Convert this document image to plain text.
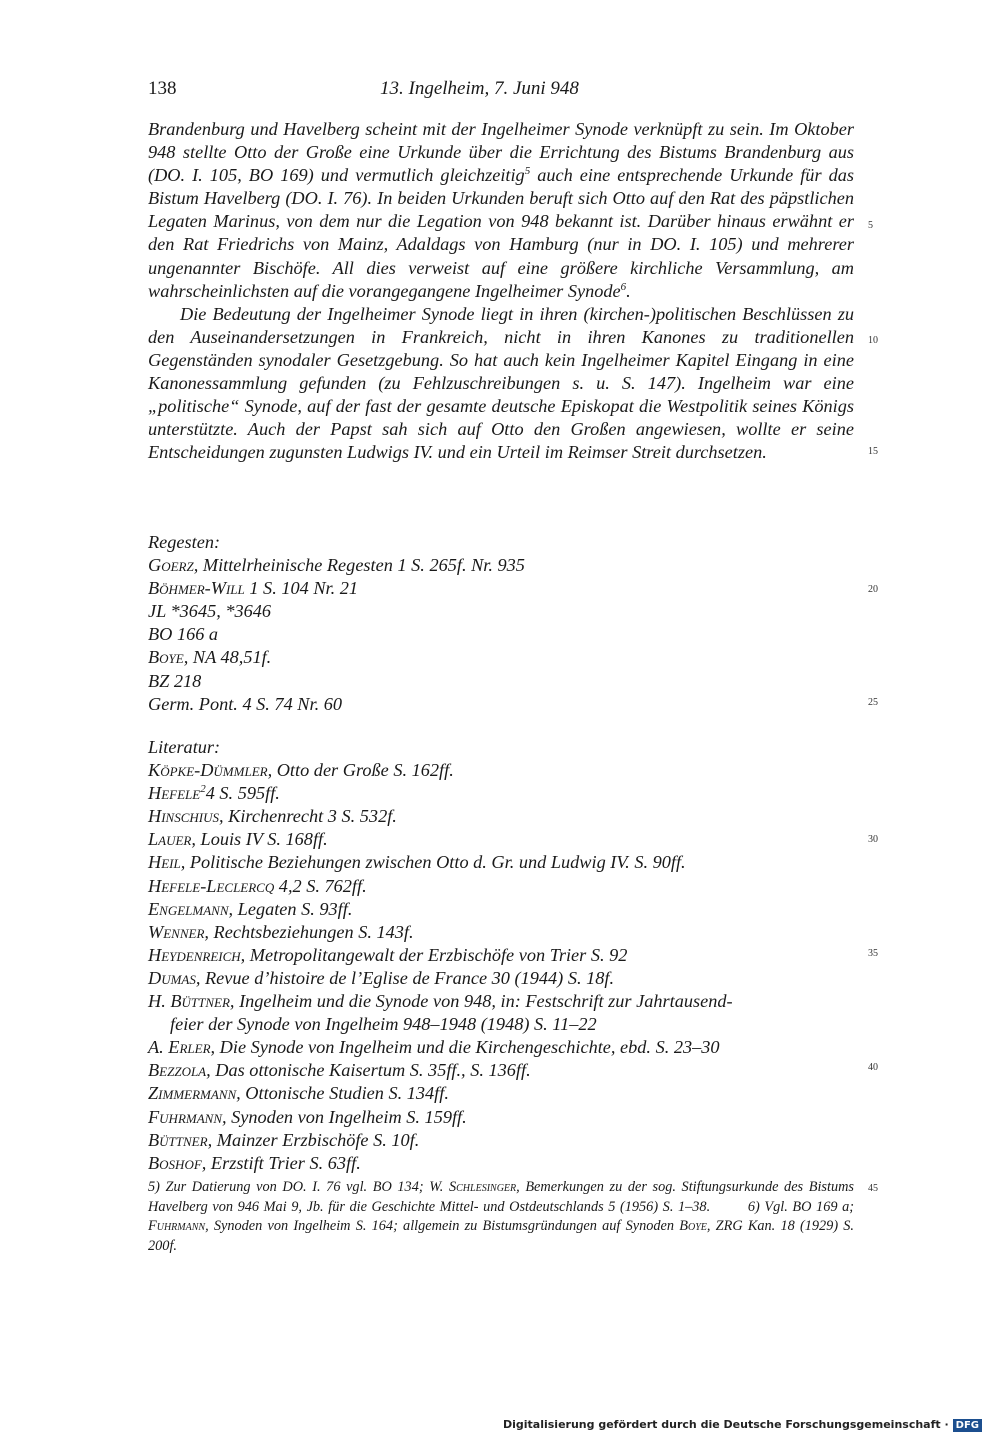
138	13. Ingelheim, 7. Juni 948

Brandenburg und Havelberg scheint mit der Ingelheimer Synode verknüpft zu sein. Im Oktober 948 stellte Otto der Große eine Urkunde über die Errichtung des Bistums Brandenburg aus (DO. I. 105, BO 169) und vermutlich gleichzeitig$^5$ auch eine entsprechende Urkunde für das Bistum Havelberg (DO. I. 76). In beiden Urkunden beruft sich Otto auf den Rat des päpstlichen Legaten Marinus, von dem nur die Legation von 948 bekannt ist. Darüber hinaus erwähnt er den Rat Friedrichs von Mainz, Adaldags von Hamburg (nur in DO. I. 105) und mehrerer ungenannter Bischöfe. All dies verweist auf eine größere kirchliche Versammlung, am wahrscheinlichsten auf die vorangegangene Ingelheimer Synode$^6$.

Die Bedeutung der Ingelheimer Synode liegt in ihren (kirchen-)politischen Beschlüssen zu den Auseinandersetzungen in Frankreich, nicht in ihren Kanones zu traditionellen Gegenständen synodaler Gesetzgebung. So hat auch kein Ingelheimer Kapitel Eingang in eine Kanonessammlung gefunden (zu Fehlzuschreibungen s. u. S. 147). Ingelheim war eine „politische“ Synode, auf der fast der gesamte deutsche Episkopat die Westpolitik seines Königs unterstützte. Auch der Papst sah sich auf Otto den Großen angewiesen, wollte er seine Entscheidungen zugunsten Ludwigs IV. und ein Urteil im Reimser Streit durchsetzen.

Regesten:
Goerz, Mittelrheinische Regesten 1 S. 265f. Nr. 935
Böhmer-Will 1 S. 104 Nr. 21
JL *3645, *3646
BO 166 a
Boye, NA 48,51f.
BZ 218
Germ. Pont. 4 S. 74 Nr. 60
Literatur:
Köpke-Dümmler, Otto der Große S. 162ff.
Hefele$^2$4 S. 595ff.
Hinschius, Kirchenrecht 3 S. 532f.
Lauer, Louis IV S. 168ff.
Heil, Politische Beziehungen zwischen Otto d. Gr. und Ludwig IV. S. 90ff.
Hefele-Leclercq 4,2 S. 762ff.
Engelmann, Legaten S. 93ff.
Wenner, Rechtsbeziehungen S. 143f.
Heydenreich, Metropolitangewalt der Erzbischöfe von Trier S. 92
Dumas, Revue d’histoire de l’Eglise de France 30 (1944) S. 18f.
H. Büttner, Ingelheim und die Synode von 948, in: Festschrift zur Jahrtausend-
feier der Synode von Ingelheim 948–1948 (1948) S. 11–22
A. Erler, Die Synode von Ingelheim und die Kirchengeschichte, ebd. S. 23–30
Bezzola, Das ottonische Kaisertum S. 35ff., S. 136ff.
Zimmermann, Ottonische Studien S. 134ff.
Fuhrmann, Synoden von Ingelheim S. 159ff.
Büttner, Mainzer Erzbischöfe S. 10f.
Boshof, Erzstift Trier S. 63ff.
5) Zur Datierung von DO. I. 76 vgl. BO 134; W. Schlesinger, Bemerkungen zu der sog. Stiftungsurkunde des Bistums Havelberg von 946 Mai 9, Jb. für die Geschichte Mittel- und Ostdeutschlands 5 (1956) S. 1–38.   	6) Vgl. BO 169 a; Fuhrmann, Synoden von Ingelheim S. 164; allgemein zu Bistumsgründungen auf Synoden Boye, ZRG Kan. 18 (1929) S. 200f.
5
10
15
20
25
30
35
40
45
Digitalisierung gefördert durch die Deutsche Forschungsgemeinschaft · DFG
